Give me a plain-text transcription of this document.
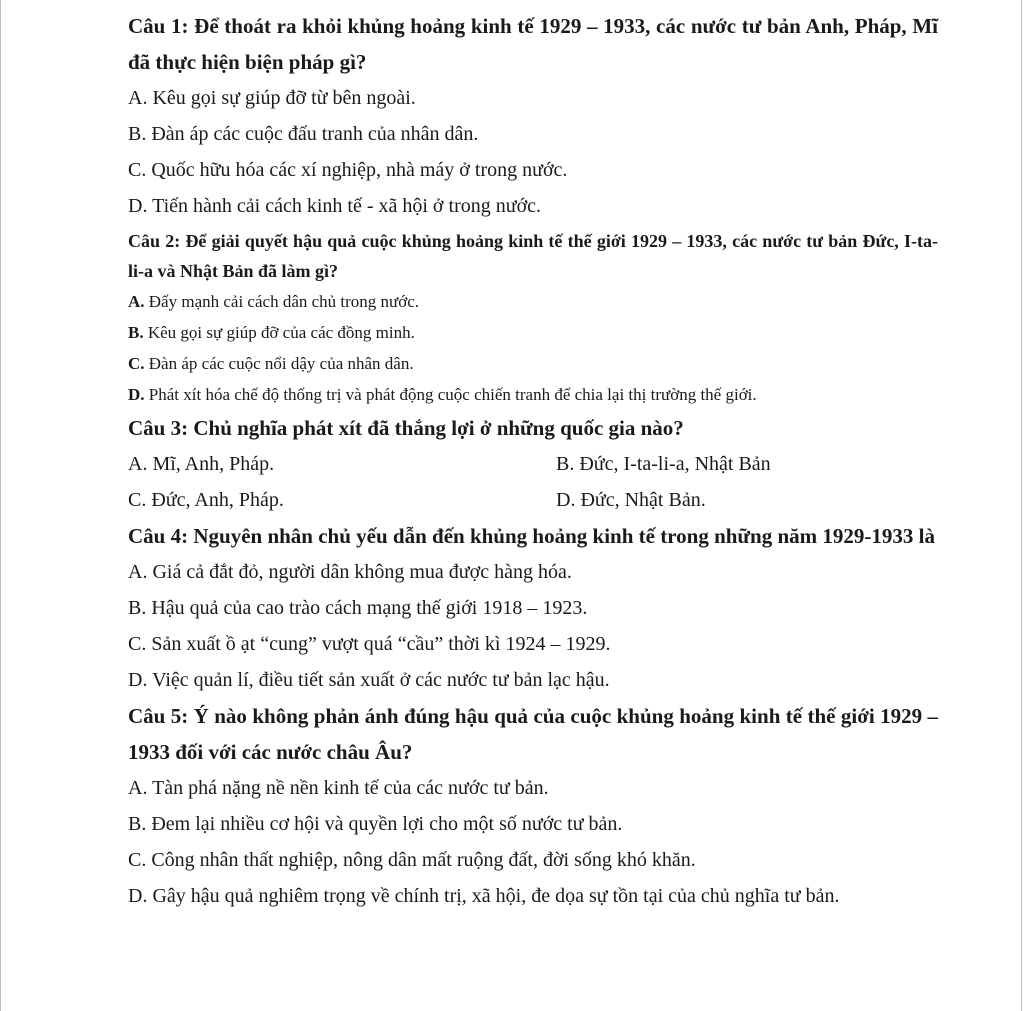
Câu 1: Để thoát ra khỏi khủng hoảng kinh tế 1929 – 1933, các nước tư bản Anh, Pháp, Mĩ đã thực hiện biện pháp gì?
A. Kêu gọi sự giúp đỡ từ bên ngoài.
B. Đàn áp các cuộc đấu tranh của nhân dân.
C. Quốc hữu hóa các xí nghiệp, nhà máy ở trong nước.
D. Tiến hành cải cách kinh tế - xã hội ở trong nước.
Câu 2: Để giải quyết hậu quả cuộc khủng hoảng kinh tế thế giới 1929 – 1933, các nước tư bản Đức, I-ta-li-a và Nhật Bản đã làm gì?
A. Đẩy mạnh cải cách dân chủ trong nước.
B. Kêu gọi sự giúp đỡ của các đồng minh.
C. Đàn áp các cuộc nổi dậy của nhân dân.
D. Phát xít hóa chế độ thống trị và phát động cuộc chiến tranh để chia lại thị trường thế giới.
Câu 3: Chủ nghĩa phát xít đã thắng lợi ở những quốc gia nào?
A. Mĩ, Anh, Pháp.	B. Đức, I-ta-li-a, Nhật Bản
C. Đức, Anh, Pháp.	D. Đức, Nhật Bản.
Câu 4: Nguyên nhân chủ yếu dẫn đến khủng hoảng kinh tế trong những năm 1929-1933 là
A. Giá cả đắt đỏ, người dân không mua được hàng hóa.
B. Hậu quả của cao trào cách mạng thế giới 1918 – 1923.
C. Sản xuất ồ ạt “cung” vượt quá “cầu” thời kì 1924 – 1929.
D. Việc quản lí, điều tiết sản xuất ở các nước tư bản lạc hậu.
Câu 5: Ý nào không phản ánh đúng hậu quả của cuộc khủng hoảng kinh tế thế giới 1929 – 1933 đối với các nước châu Âu?
A. Tàn phá nặng nề nền kinh tế của các nước tư bản.
B. Đem lại nhiều cơ hội và quyền lợi cho một số nước tư bản.
C. Công nhân thất nghiệp, nông dân mất ruộng đất, đời sống khó khăn.
D. Gây hậu quả nghiêm trọng về chính trị, xã hội, đe dọa sự tồn tại của chủ nghĩa tư bản.
